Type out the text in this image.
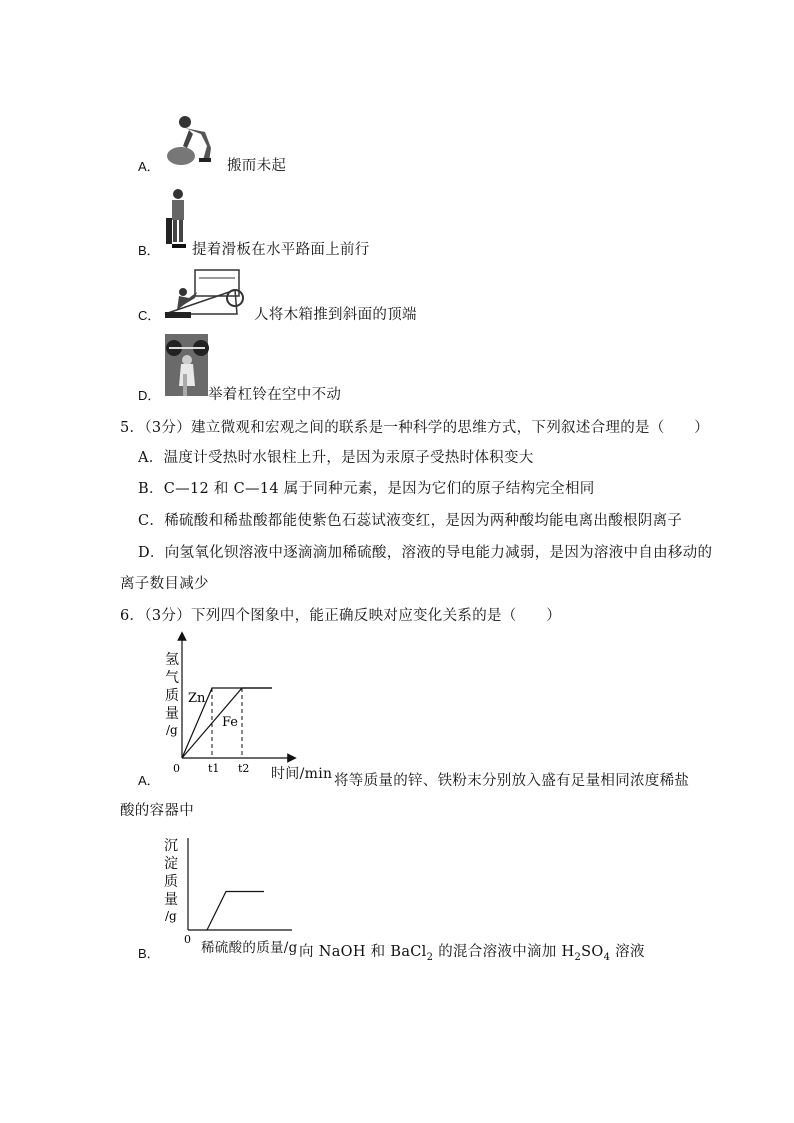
A．	搬而未起
B． 提着滑板在水平路面上前行
C．	人将木箱推到斜面的顶端
D．	举着杠铃在空中不动
5．（3分）建立微观和宏观之间的联系是一种科学的思维方式，下列叙述合理的是（　　）
A．温度计受热时水银柱上升，是因为汞原子受热时体积变大
B．C—12 和 C—14 属于同种元素，是因为它们的原子结构完全相同
C．稀硫酸和稀盐酸都能使紫色石蕊试液变红，是因为两种酸均能电离出酸根阴离子
D．向氢氧化钡溶液中逐滴滴加稀硫酸，溶液的导电能力减弱，是因为溶液中自由移动的
离子数目减少
6．（3分）下列四个图象中，能正确反映对应变化关系的是（　　）
氢
气
质
量
/g
0	t1 t2
Zn
Fe
时间/min
A．	将等质量的锌、铁粉末分别放入盛有足量相同浓度稀盐
酸的容器中
沉
淀
质
量
/g
0
稀硫酸的质量/g
B．	向 NaOH 和 BaCl$_2$ 的混合溶液中滴加 $H_2SO_4$ 溶液
